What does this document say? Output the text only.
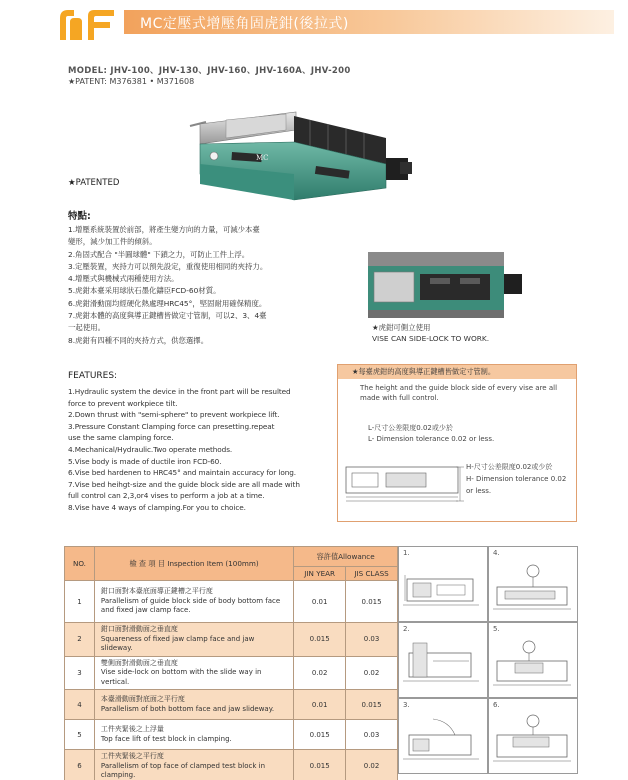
MC定壓式增壓角固虎鉗(後拉式)
MODEL: JHV-100、JHV-130、JHV-160、JHV-160A、JHV-200
★PATENT: M376381 • M371608
MC
★PATENTED
特點:
1.增壓系統裝置於前部，將產生變方向的力量，可減少本臺
變形，減少加工件的傾斜。
2.角固式配合 "半圓球體" 下鎖之力，可防止工件上浮。
3.定壓裝置，夾持力可以預先設定，重復使用相同的夾持力。
4.增壓式與機械式兩種使用方法。
5.虎鉗本臺采用球狀石墨化鑄臣FCD-60材質。
6.虎鉗滑動面均經硬化熱處理HRC45°，堅固耐用確保精度。
7.虎鉗本體的高度與導正鍵槽皆做定寸管制，可以2、3、4臺
一起使用。
8.虎鉗有四種不同的夾持方式，供您選擇。
★虎鉗可側立使用
VISE CAN SIDE-LOCK TO WORK.
FEATURES:
1.Hydraulic system the device in the front part will be resulted
force to prevent workpiece tilt.
2.Down thrust with "semi-sphere" to prevent workpiece lift.
3.Pressure Constant Clamping force can presetting.repeat
use the same clamping force.
4.Mechanical/Hydraulic.Two operate methods.
5.Vise body is made of ductile iron FCD-60.
6.Vise bed hardenen to HRC45° and maintain accuracy for long.
7.Vise bed heihgt-size and the guide block side are all made with
full control can 2,3,or4 vises to perform a job at a time.
8.Vise have 4 ways of clamping.For you to choice.
★每臺虎鉗的高度與導正鍵槽皆做定寸管制。
The height and the guide block side of every vise are all made with full control.
L-尺寸公差限度0.02或少於
L- Dimension tolerance 0.02 or less.
H-尺寸公差限度0.02或少於
H- Dimension tolerance 0.02 or less.
NO.	檢 查 項 目 Inspection Item (100mm)	容許值Allowance	
		JIN YEAR	JIS CLASS
1	鉗口面對本臺底面導正鍵槽之平行度
Parallelism of guide block side of body bottom face and fixed jaw clamp face.	0.01	0.015
2	鉗口面對滑動面之垂直度
Squareness of fixed jaw clamp face and jaw slideway.	0.015	0.03
3	雙側面對滑動面之垂直度
Vise side-lock on bottom with the slide way in vertical.	0.02	0.02
4	本臺滑動面對底面之平行度
Parallelism of both bottom face and jaw slideway.	0.01	0.015
5	工件夾緊後之上浮量
Top face lift of test block in clamping.	0.015	0.03
6	工件夾緊後之平行度
Parallelism of top face of clamped test block in clamping.	0.015	0.02
1.	4.
2.	5.
3.	6.
